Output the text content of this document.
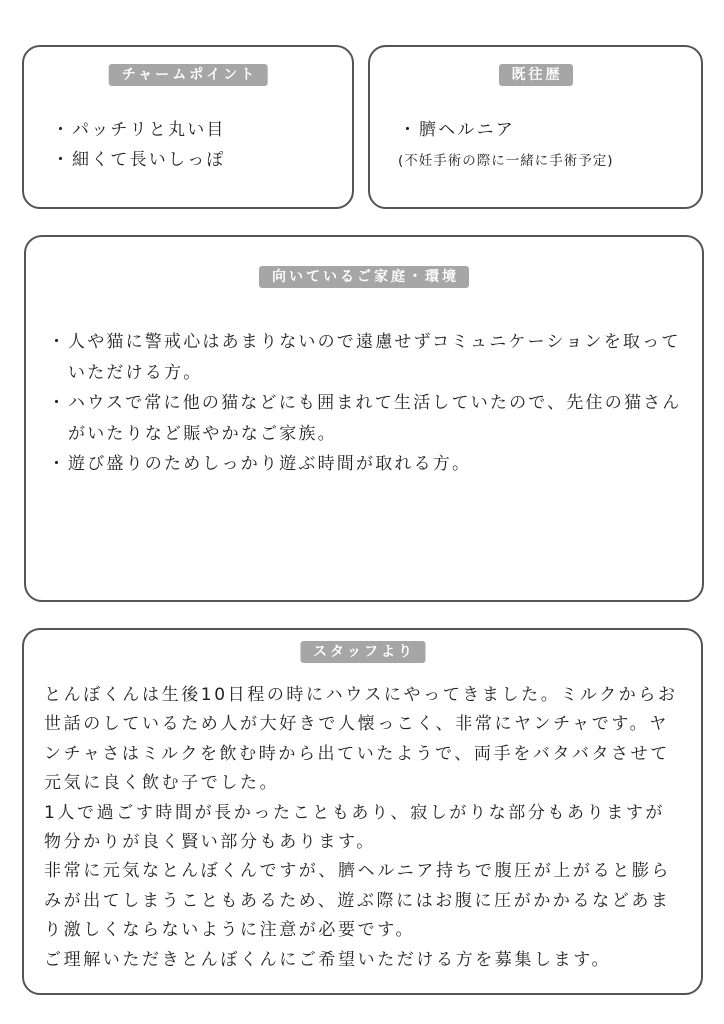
チャームポイント
・ パッチリと丸い目
・ 細くて長いしっぽ
既往歴
・ 臍ヘルニア
(不妊手術の際に一緒に手術予定)
向いているご家庭・環境
・ 人や猫に警戒心はあまりないので遠慮せずコミュニケーションを取っていただける方。
・ ハウスで常に他の猫などにも囲まれて生活していたので、先住の猫さんがいたりなど賑やかなご家族。
・ 遊び盛りのためしっかり遊ぶ時間が取れる方。
スタッフより

とんぼくんは生後10日程の時にハウスにやってきました。ミルクからお世話のしているため人が大好きで人懐っこく、非常にヤンチャです。ヤンチャさはミルクを飲む時から出ていたようで、両手をバタバタさせて元気に良く飲む子でした。

1人で過ごす時間が長かったこともあり、寂しがりな部分もありますが物分かりが良く賢い部分もあります。

非常に元気なとんぼくんですが、臍ヘルニア持ちで腹圧が上がると膨らみが出てしまうこともあるため、遊ぶ際にはお腹に圧がかかるなどあまり激しくならないように注意が必要です。

ご理解いただきとんぼくんにご希望いただける方を募集します。
